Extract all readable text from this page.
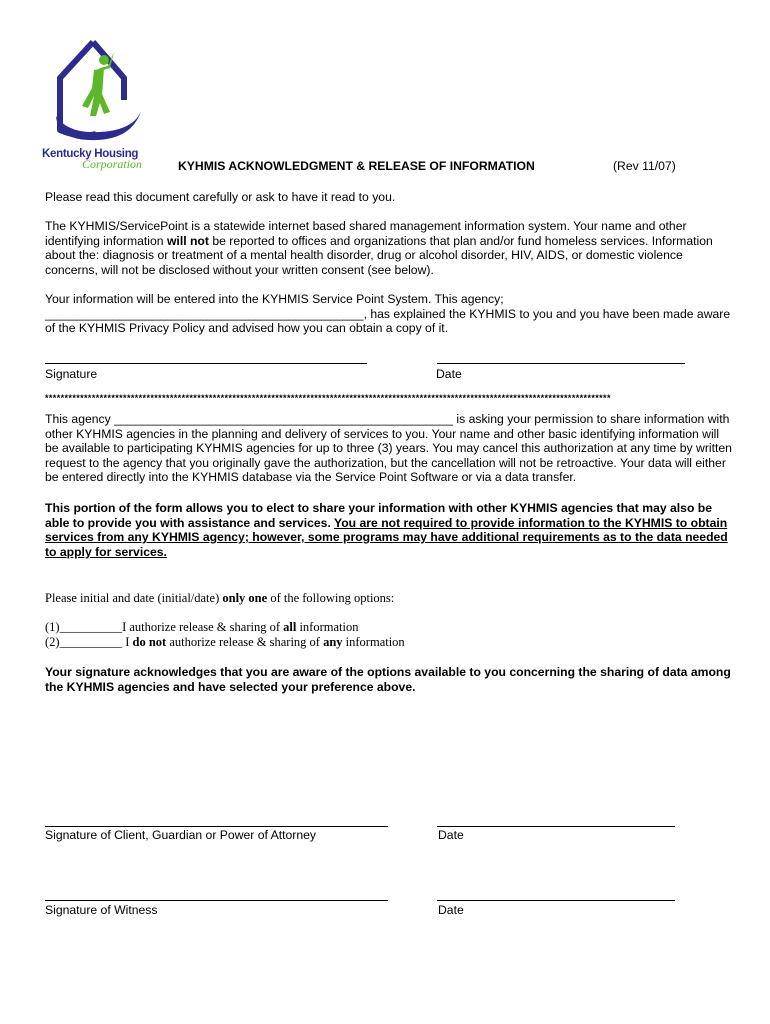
Kentucky Housing
Corporation	KYHMIS ACKNOWLEDGMENT & RELEASE OF INFORMATION	(Rev 11/07)

Please read this document carefully or ask to have it read to you.

The KYHMIS/ServicePoint is a statewide internet based shared management information system. Your name and other identifying information will not be reported to offices and organizations that plan and/or fund homeless services. Information about the: diagnosis or treatment of a mental health disorder, drug or alcohol disorder, HIV, AIDS, or domestic violence concerns, will not be disclosed without your written consent (see below).

Your information will be entered into the KYHMIS Service Point System. This agency;
_______________________________________________, has explained the KYHMIS to you and you have been made aware of the KYHMIS Privacy Policy and advised how you can obtain a copy of it.

Signature	Date
*************************************************************************************************************************************************

This agency __________________________________________________ is asking your permission to share information with other KYHMIS agencies in the planning and delivery of services to you. Your name and other basic identifying information will be available to participating KYHMIS agencies for up to three (3) years. You may cancel this authorization at any time by written request to the agency that you originally gave the authorization, but the cancellation will not be retroactive. Your data will either be entered directly into the KYHMIS database via the Service Point Software or via a data transfer.

This portion of the form allows you to elect to share your information with other KYHMIS agencies that may also be able to provide you with assistance and services. You are not required to provide information to the KYHMIS to obtain services from any KYHMIS agency; however, some programs may have additional requirements as to the data needed to apply for services.

Please initial and date (initial/date) only one of the following options:
(1)__________I authorize release & sharing of all information
(2)__________ I do not authorize release & sharing of any information

Your signature acknowledges that you are aware of the options available to you concerning the sharing of data among the KYHMIS agencies and have selected your preference above.

Signature of Client, Guardian or Power of Attorney	Date
Signature of Witness	Date
